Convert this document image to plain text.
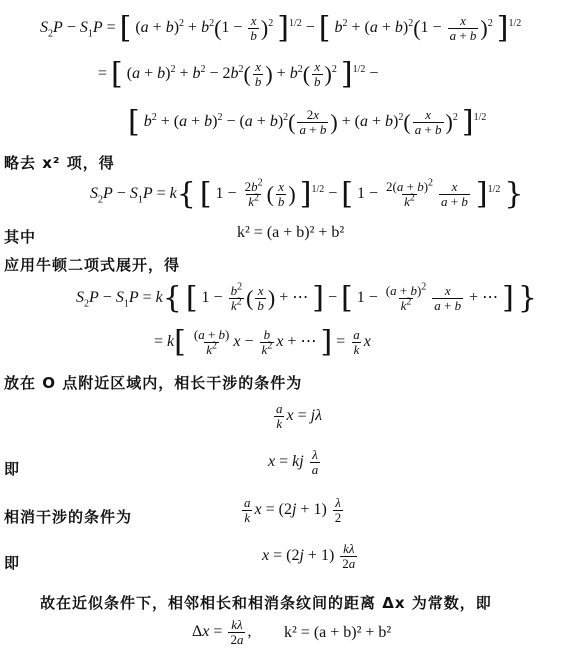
$S_2P - S_1P$ = [ $(a + b)^2 + b^2(1 - \frac{x}{b} )^2$ ]$^{1/2}$ − [ $b^2 + (a + b)^2(1 - \frac{x}{a + b} )^2$ ]$^{1/2}$
= [ $(a + b)^2 + b^2 - 2b^2( \frac{x}{b}$ ) + $b^2( \frac{x}{b} )^2$ ]$^{1/2}$ −
[ $b^2 + (a + b)^2 - (a + b)^2( \frac{2x}{a + b}$ ) + $(a + b)^2( \frac{x}{a + b} )^2$ ]$^{1/2}$
略去 x² 项，得
$S_2P - S_1P = k${ [ $1 - \frac{2b^2}{k^2}$ ( $\frac{x}{b}$ ) ]$^{1/2}$ − [ $1 - \frac{2(a + b)^2}{k^2} \frac{x}{a + b} ]^{1/2}$ }
其中	k² = (a + b)² + b²
应用牛顿二项式展开，得
$S_2P - S_1P = k${ [ $1 - \frac{b^2}{k^2}$ ( $\frac{x}{b}$ ) + ⋯ ] − [ $1 - \frac{(a + b)^2}{k^2} \frac{x}{a + b}$ + ⋯ ] }
= $k[ \frac{(a + b)}{k^2}$ $x - \frac{b}{k^2}$ x + ⋯ ] = $\frac{a}{k}$ x
放在 O 点附近区域内，相长干涉的条件为
$\frac{a}{k}$ x = jλ
即	x = kj $\frac{\lambda}{a}$
相消干涉的条件为	$\frac{a}{k}$ $x = (2j + 1) \frac{\lambda}{2}$
即	$x = (2j + 1) \frac{k\lambda}{2a}$
故在近似条件下，相邻相长和相消条纹间的距离 Δx 为常数，即
$\Delta x = \frac{k\lambda}{2a}$ , k² = (a + b)² + b²
